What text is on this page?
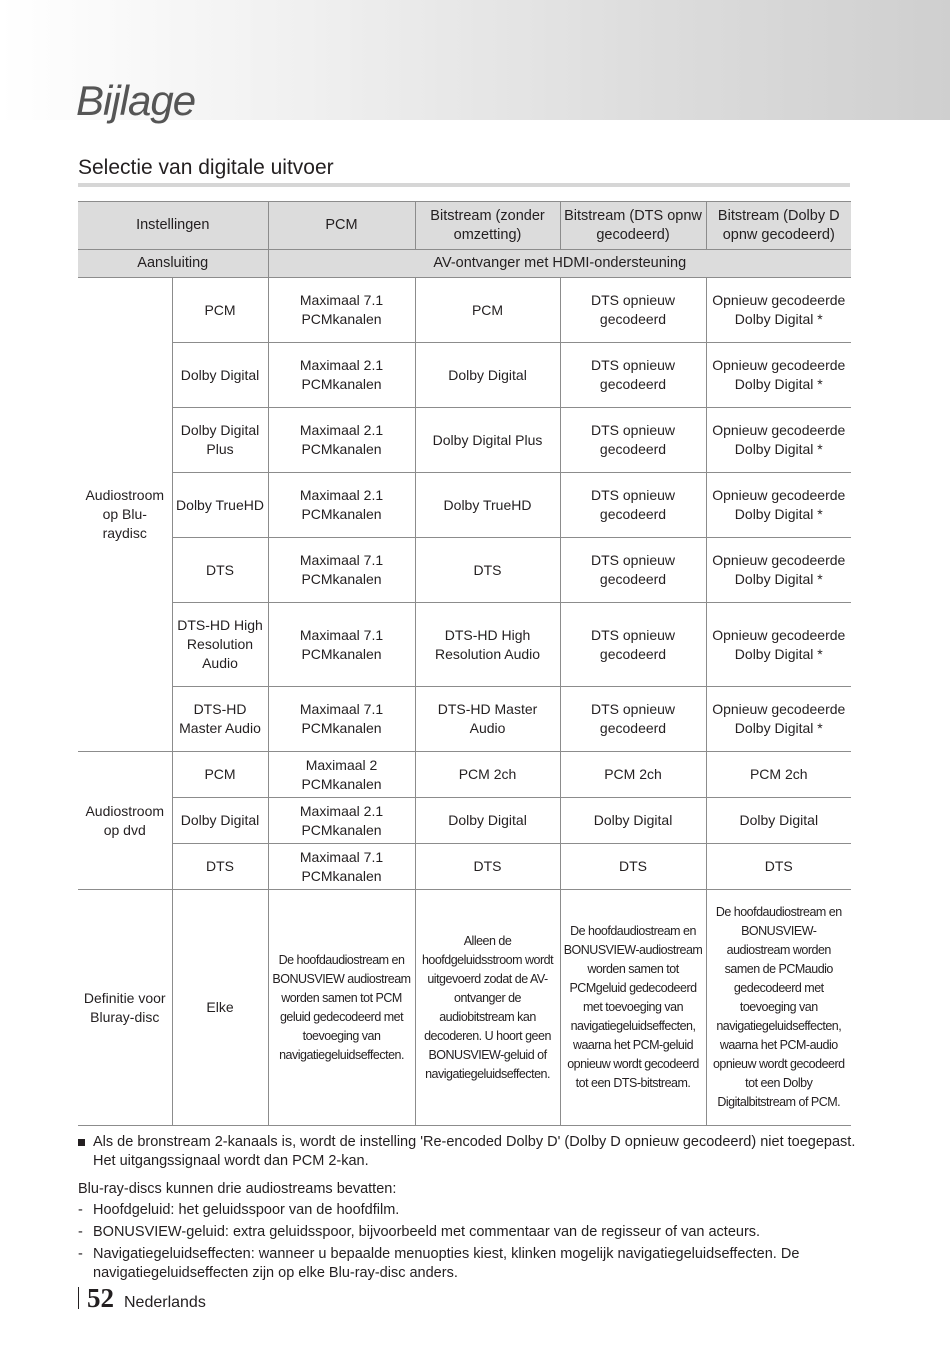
Bijlage
Selectie van digitale uitvoer
Instellingen		PCM	Bitstream (zonder omzetting)	Bitstream (DTS opnw gecodeerd)	Bitstream (Dolby D opnw gecodeerd)
Aansluiting		AV-ontvanger met HDMI-ondersteuning			
Audiostroom op Blu-raydisc	PCM	Maximaal 7.1 PCMkanalen	PCM	DTS opnieuw gecodeerd	Opnieuw gecodeerde Dolby Digital *
	Dolby Digital	Maximaal 2.1 PCMkanalen	Dolby Digital	DTS opnieuw gecodeerd	Opnieuw gecodeerde Dolby Digital *
	Dolby Digital Plus	Maximaal 2.1 PCMkanalen	Dolby Digital Plus	DTS opnieuw gecodeerd	Opnieuw gecodeerde Dolby Digital *
	Dolby TrueHD	Maximaal 2.1 PCMkanalen	Dolby TrueHD	DTS opnieuw gecodeerd	Opnieuw gecodeerde Dolby Digital *
	DTS	Maximaal 7.1 PCMkanalen	DTS	DTS opnieuw gecodeerd	Opnieuw gecodeerde Dolby Digital *
	DTS-HD High Resolution Audio	Maximaal 7.1 PCMkanalen	DTS-HD High Resolution Audio	DTS opnieuw gecodeerd	Opnieuw gecodeerde Dolby Digital *
	DTS-HD Master Audio	Maximaal 7.1 PCMkanalen	DTS-HD Master Audio	DTS opnieuw gecodeerd	Opnieuw gecodeerde Dolby Digital *
Audiostroom op dvd	PCM	Maximaal 2 PCMkanalen	PCM 2ch	PCM 2ch	PCM 2ch
	Dolby Digital	Maximaal 2.1 PCMkanalen	Dolby Digital	Dolby Digital	Dolby Digital
	DTS	Maximaal 7.1 PCMkanalen	DTS	DTS	DTS
Definitie voor Bluray-disc	Elke	De hoofdaudiostream en BONUSVIEW audiostream worden samen tot PCM geluid gedecodeerd met toevoeging van navigatiegeluidseffecten.	Alleen de hoofdgeluidsstroom wordt uitgevoerd zodat de AV-ontvanger de audiobitstream kan decoderen. U hoort geen BONUSVIEW-geluid of navigatiegeluidseffecten.	De hoofdaudiostream en BONUSVIEW-audiostream worden samen tot PCMgeluid gedecodeerd met toevoeging van navigatiegeluidseffecten, waarna het PCM-geluid opnieuw wordt gecodeerd tot een DTS-bitstream.	De hoofdaudiostream en BONUSVIEW-audiostream worden samen de PCMaudio gedecodeerd met toevoeging van navigatiegeluidseffecten, waarna het PCM-audio opnieuw wordt gecodeerd tot een Dolby Digitalbitstream of PCM.

Als de bronstream 2-kanaals is, wordt de instelling 'Re-encoded Dolby D' (Dolby D opnieuw gecodeerd) niet toegepast. Het uitgangssignaal wordt dan PCM 2-kan.

Blu-ray-discs kunnen drie audiostreams bevatten:

- Hoofdgeluid: het geluidsspoor van de hoofdfilm.

- BONUSVIEW-geluid: extra geluidsspoor, bijvoorbeeld met commentaar van de regisseur of van acteurs.

- Navigatiegeluidseffecten: wanneer u bepaalde menuopties kiest, klinken mogelijk navigatiegeluidseffecten. De navigatiegeluidseffecten zijn op elke Blu-ray-disc anders.

52 Nederlands
